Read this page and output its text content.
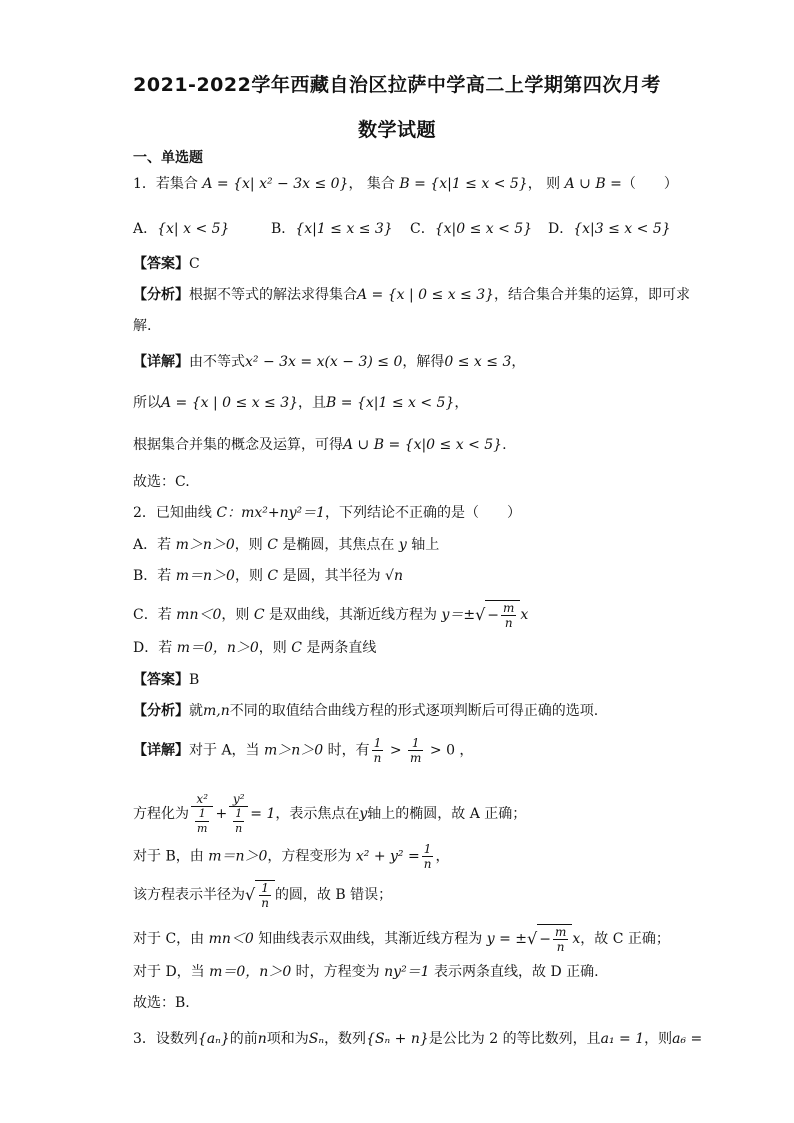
2021-2022学年西藏自治区拉萨中学高二上学期第四次月考
数学试题
一、单选题
1．若集合 A = {x| x² − 3x ≤ 0}， 集合 B = {x|1 ≤ x < 5}， 则 A ∪ B =（　　）
A．{x| x < 5}	B．{x|1 ≤ x ≤ 3} C．{x|0 ≤ x < 5} D．{x|3 ≤ x < 5}
【答案】C
【分析】根据不等式的解法求得集合A = {x | 0 ≤ x ≤ 3}，结合集合并集的运算，即可求
解.
【详解】由不等式x² − 3x = x(x − 3) ≤ 0，解得0 ≤ x ≤ 3，
所以A = {x | 0 ≤ x ≤ 3}，且B = {x|1 ≤ x < 5}，
根据集合并集的概念及运算，可得A ∪ B = {x|0 ≤ x < 5}.
故选：C.
2．已知曲线 C：mx²+ny²＝1，下列结论不正确的是（　　）
A．若 m＞n＞0，则 C 是椭圆，其焦点在 y 轴上
B．若 m＝n＞0，则 C 是圆，其半径为 √n
C．若 mn＜0，则 C 是双曲线，其渐近线方程为 $y=\pm√ - \frac{m}{n}$ x
D．若 m＝0，n＞0，则 C 是两条直线
【答案】B
【分析】就m,n不同的取值结合曲线方程的形式逐项判断后可得正确的选项.
【详解】对于 A，当 m＞n＞0 时，有 $\frac{1}{n} > \frac{1}{m} > 0$ ，
方程化为 $\frac{\text{x²}}{\frac{1}{m}} + \frac{\text{y²}}{\frac{1}{n}} = 1$，表示焦点在y轴上的椭圆，故 A 正确；
对于 B，由 m＝n＞0，方程变形为 $x^2 + y^2 = \frac{1}{n}$ ，
该方程表示半径为√ $\frac{1}{n}$ 的圆，故 B 错误；
对于 C，由 mn＜0 知曲线表示双曲线，其渐近线方程为 y = ±√ − $\frac{m}{n}$ x，故 C 正确；
对于 D，当 m＝0，n＞0 时，方程变为 ny²＝1 表示两条直线，故 D 正确.
故选：B.
3．设数列{aₙ}的前n项和为Sₙ，数列{Sₙ + n}是公比为 2 的等比数列，且a₁ = 1，则a₆ =
